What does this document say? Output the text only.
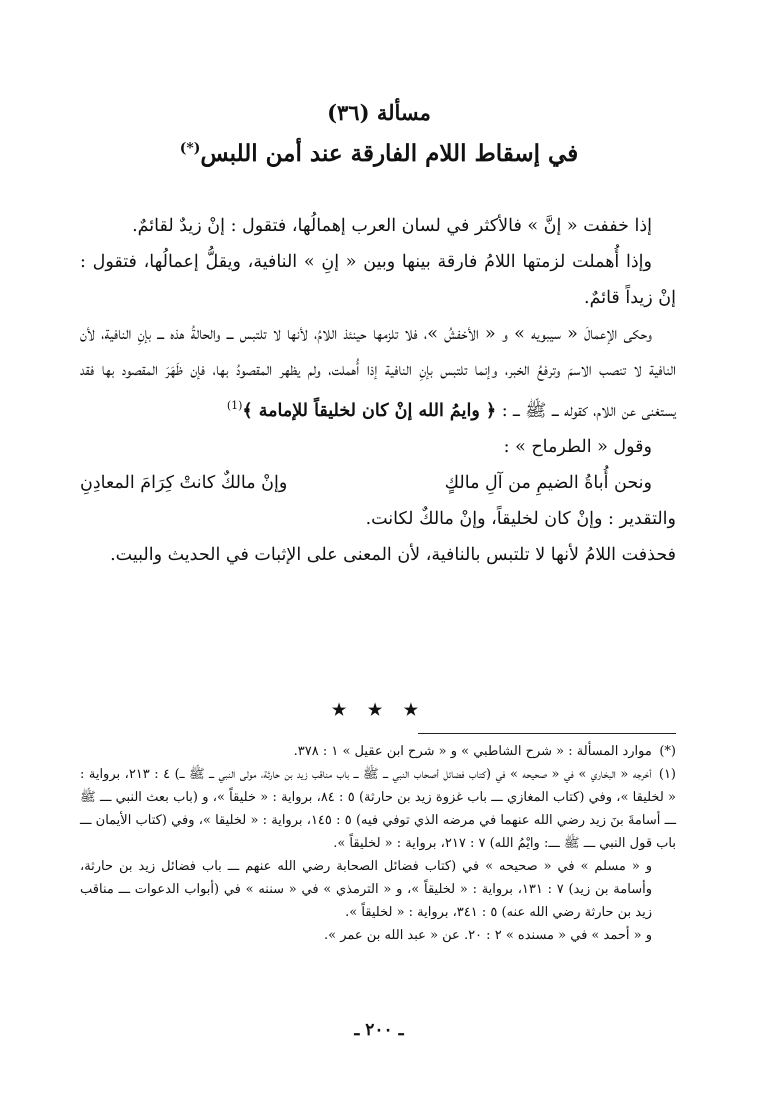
مسألة (٣٦)
في إسقاط اللام الفارقة عند أمن اللبس(*)

إذا خففت « إنَّ » فالأكثر في لسان العرب إهمالُها، فتقول : إنْ زيدٌ لقائمٌ.

وإذا أُهملت لزمتها اللامُ فارقة بينها وبين « إنِ » النافية، ويقلُّ إعمالُها، فتقول : إنْ زيداً قائمٌ.

وحكى الإعمالَ « سيبويه » و « الأخفشُ »، فلا تلزمها حينئذ اللامُ، لأنها لا تلتبس ـــ والحالةُ هذه ـــ بإنِ النافية، لأن النافية لا تنصب الاسمَ وترفعُ الخبر، وإنما تلتبس بإنِ النافية إذا أُهملت، ولم يظهر المقصودُ بها، فإن ظَهَرَ المقصود بها فقد يستغنى عن اللام، كقوله ـــ ﷺ ـــ : ﴿ وايمُ الله إنْ كان لخليقاً للإمامة ﴾$^{(1)}$

وقول « الطرماح » :

ونحن أُباةُ الضيمِ من آلِ مالكٍ
وإنْ مالكٌ كانتْ كِرَامَ المعادِنِ

والتقدير : وإنْ كان لخليقاً، وإنْ مالكٌ لكانت.

فحذفت اللامُ لأنها لا تلتبس بالنافية، لأن المعنى على الإثبات في الحديث والبيت.

★ ★ ★

(*) موارد المسألة : « شرح الشاطبي » و « شرح ابن عقيل » ١ : ٣٧٨.

(١) أخرجه « البخاري » في « صحيحه » في (كتاب فضائل أصحاب النبي ـــ ﷺ ـــ باب مناقب زيد بن حارثة، مولى النبي ـــ ﷺ ـــ) ٤ : ٢١٣، برواية : « لخليقا »، وفي (كتاب المغازي ـــ باب غزوة زيد بن حارثة) ٥ : ٨٤، برواية : « خليقاً »، و (باب بعث النبي ـــ ﷺ ـــ أسامةَ بنَ زيد رضي الله عنهما في مرضه الذي توفي فيه) ٥ : ١٤٥، برواية : « لخليقا »، وفي (كتاب الأيمان ـــ باب قول النبي ـــ ﷺ ـــ: وايْمُ الله) ٧ : ٢١٧، برواية : « لخليقاً ».

و « مسلم » في « صحيحه » في (كتاب فضائل الصحابة رضي الله عنهم ـــ باب فضائل زيد بن حارثة، وأسامة بن زيد) ٧ : ١٣١، برواية : « لخليقاً »، و « الترمذي » في « سننه » في (أبواب الدعوات ـــ مناقب زيد بن حارثة رضي الله عنه) ٥ : ٣٤١، برواية : « لخليقاً ».

و « أحمد » في « مسنده » ٢ : ٢٠. عن « عبد الله بن عمر ».

ـ ٢٠٠ ـ
